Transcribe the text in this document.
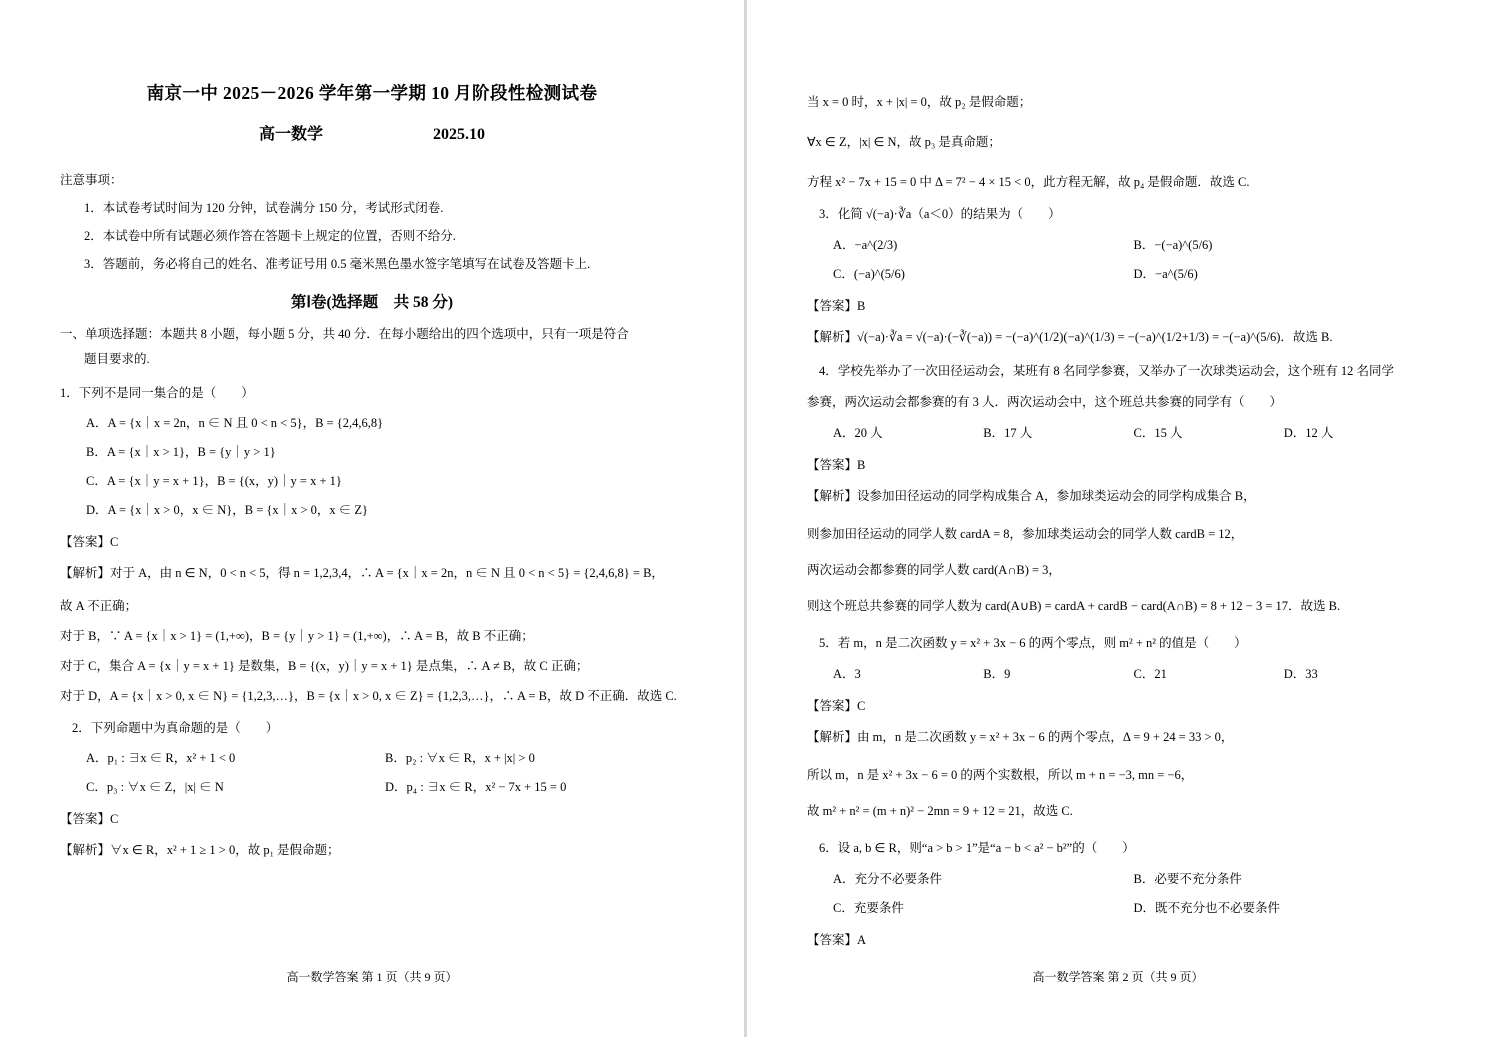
南京一中 2025－2026 学年第一学期 10 月阶段性检测试卷
高一数学	2025.10
注意事项：
1．本试卷考试时间为 120 分钟，试卷满分 150 分，考试形式闭卷.
2．本试卷中所有试题必须作答在答题卡上规定的位置，否则不给分.
3．答题前，务必将自己的姓名、准考证号用 0.5 毫米黑色墨水签字笔填写在试卷及答题卡上.
第Ⅰ卷(选择题　共 58 分)
一、单项选择题：本题共 8 小题，每小题 5 分，共 40 分．在每小题给出的四个选项中，只有一项是符合
题目要求的.
1．下列不是同一集合的是（　　）
A．A = {x｜x = 2n，n ∈ N 且 0 < n < 5}，B = {2,4,6,8}
B．A = {x｜x > 1}，B = {y｜y > 1}
C．A = {x｜y = x + 1}，B = {(x，y)｜y = x + 1}
D．A = {x｜x > 0，x ∈ N}，B = {x｜x > 0，x ∈ Z}
【答案】C
【解析】对于 A，由 n ∈ N，0 < n < 5，得 n = 1,2,3,4，∴ A = {x｜x = 2n，n ∈ N 且 0 < n < 5} = {2,4,6,8} = B，
故 A 不正确；
对于 B，∵ A = {x｜x > 1} = (1,+∞)，B = {y｜y > 1} = (1,+∞)，∴ A = B，故 B 不正确；
对于 C，集合 A = {x｜y = x + 1} 是数集，B = {(x，y)｜y = x + 1} 是点集，∴ A ≠ B，故 C 正确；
对于 D，A = {x｜x > 0, x ∈ N} = {1,2,3,…}，B = {x｜x > 0, x ∈ Z} = {1,2,3,…}，∴ A = B，故 D 不正确．故选 C.
2．下列命题中为真命题的是（　　）
A．p₁ : ∃x ∈ R，x² + 1 < 0	B．p₂ : ∀x ∈ R，x + |x| > 0
C．p₃ : ∀x ∈ Z，|x| ∈ N	D．p₄ : ∃x ∈ R，x² − 7x + 15 = 0
【答案】C
【解析】∀x ∈ R，x² + 1 ≥ 1 > 0，故 p₁ 是假命题；
高一数学答案 第 1 页（共 9 页）
当 x = 0 时，x + |x| = 0，故 p₂ 是假命题；
∀x ∈ Z，|x| ∈ N，故 p₃ 是真命题；
方程 x² − 7x + 15 = 0 中 Δ = 7² − 4 × 15 < 0，此方程无解，故 p₄ 是假命题．故选 C.
3．化简 √(−a)·∛a（a＜0）的结果为（　　）
A．−a^(2/3)	B．−(−a)^(5/6)
C．(−a)^(5/6)	D．−a^(5/6)
【答案】B
【解析】√(−a)·∛a = √(−a)·(−∛(−a)) = −(−a)^(1/2)(−a)^(1/3) = −(−a)^(1/2+1/3) = −(−a)^(5/6)．故选 B.
4．学校先举办了一次田径运动会，某班有 8 名同学参赛，又举办了一次球类运动会，这个班有 12 名同学
参赛，两次运动会都参赛的有 3 人．两次运动会中，这个班总共参赛的同学有（　　）
A．20 人	B．17 人	C．15 人	D．12 人
【答案】B
【解析】设参加田径运动的同学构成集合 A，参加球类运动会的同学构成集合 B，
则参加田径运动的同学人数 cardA = 8，参加球类运动会的同学人数 cardB = 12，
两次运动会都参赛的同学人数 card(A∩B) = 3，
则这个班总共参赛的同学人数为 card(A∪B) = cardA + cardB − card(A∩B) = 8 + 12 − 3 = 17．故选 B.
5．若 m，n 是二次函数 y = x² + 3x − 6 的两个零点，则 m² + n² 的值是（　　）
A．3	B．9	C．21	D．33
【答案】C
【解析】由 m，n 是二次函数 y = x² + 3x − 6 的两个零点，Δ = 9 + 24 = 33 > 0，
所以 m，n 是 x² + 3x − 6 = 0 的两个实数根，所以 m + n = −3, mn = −6，
故 m² + n² = (m + n)² − 2mn = 9 + 12 = 21，故选 C.
6．设 a, b ∈ R，则“a > b > 1”是“a − b < a² − b²”的（　　）
A．充分不必要条件	B．必要不充分条件
C．充要条件	D．既不充分也不必要条件
【答案】A
高一数学答案 第 2 页（共 9 页）
